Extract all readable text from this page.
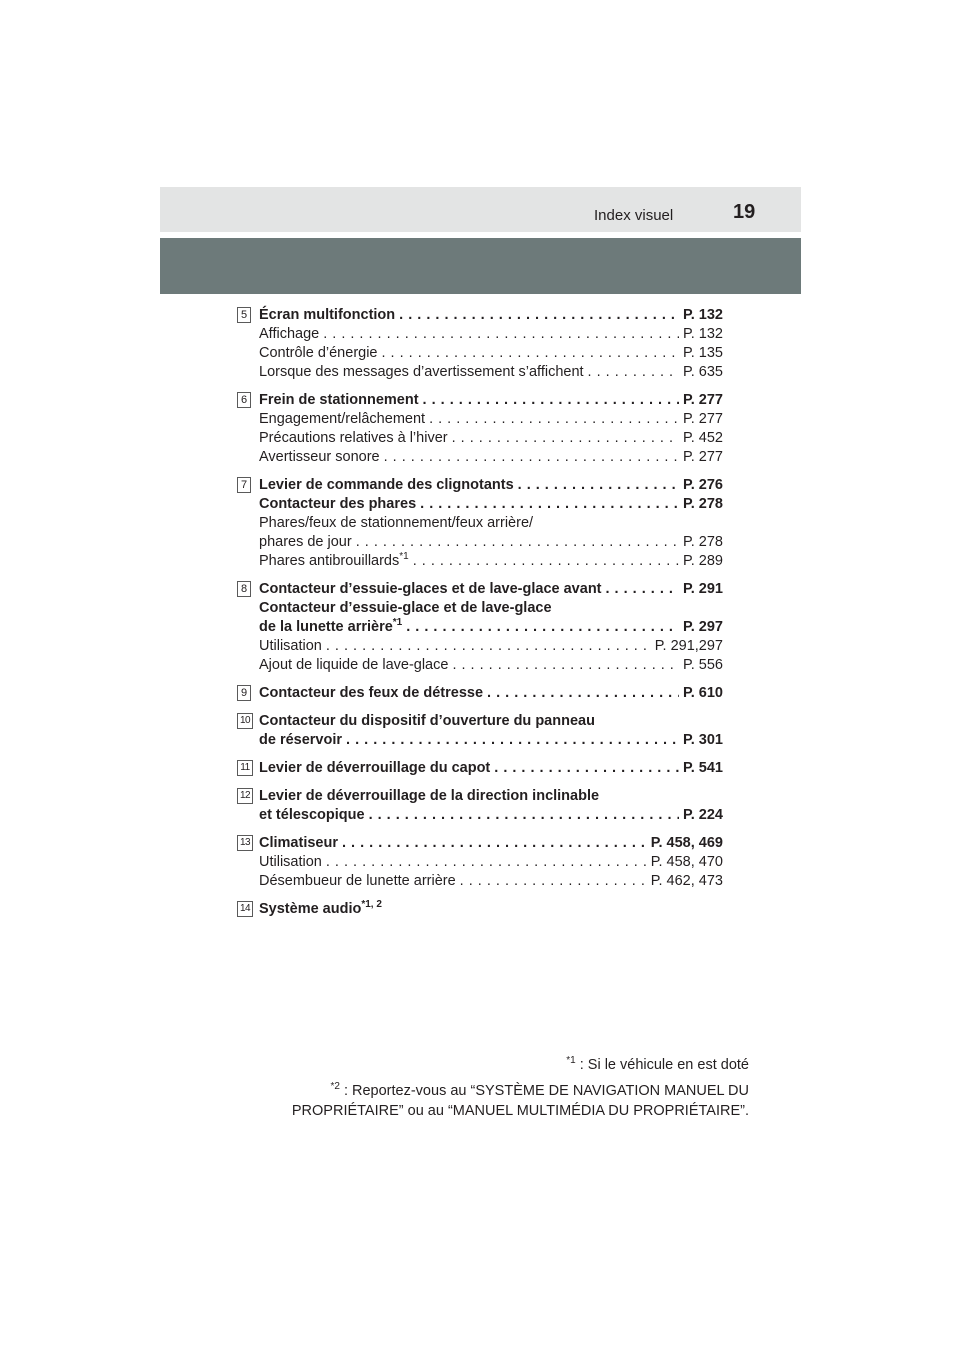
Index visuel	19
5 Écran multifonction . . .	P. 132
Affichage . . .	P. 132
Contrôle d’énergie . . .	P. 135
Lorsque des messages d’avertissement s’affichent . . .	P. 635
6 Frein de stationnement . . .	P. 277
Engagement/relâchement . . .	P. 277
Précautions relatives à l’hiver . . .	P. 452
Avertisseur sonore . . .	P. 277
7 Levier de commande des clignotants . . .	P. 276
Contacteur des phares . . .	P. 278
Phares/feux de stationnement/feux arrière/
phares de jour . . .	P. 278
Phares antibrouillards$^{*1}$ . . .	P. 289
8 Contacteur d’essuie-glaces et de lave-glace avant . . .	P. 291
Contacteur d’essuie-glace et de lave-glace
de la lunette arrière$^{*1}$ . . .	P. 297
Utilisation . . .	P. 291,297
Ajout de liquide de lave-glace . . .	P. 556
9 Contacteur des feux de détresse . . .	P. 610
10 Contacteur du dispositif d’ouverture du panneau
de réservoir . . .	P. 301
11 Levier de déverrouillage du capot . . .	P. 541
12 Levier de déverrouillage de la direction inclinable
et télescopique . . .	P. 224
13 Climatiseur . . .	P. 458, 469
Utilisation . . .	P. 458, 470
Désembueur de lunette arrière . . .	P. 462, 473
14 Système audio$^{*1, 2}$
$^{*1}$ : Si le véhicule en est doté
$^{*2}$ : Reportez-vous au “SYSTÈME DE NAVIGATION MANUEL DU
PROPRIÉTAIRE” ou au “MANUEL MULTIMÉDIA DU PROPRIÉTAIRE”.
